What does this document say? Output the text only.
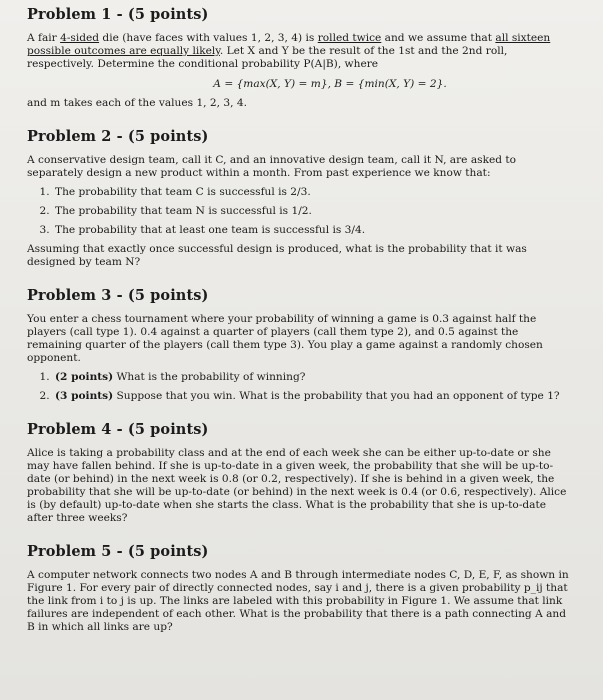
Problem 1 - (5 points)

A fair 4-sided die (have faces with values 1, 2, 3, 4) is rolled twice and we assume that all sixteen possible outcomes are equally likely. Let X and Y be the result of the 1st and the 2nd roll, respectively. Determine the conditional probability P(A|B), where

A = {max(X, Y) = m}, B = {min(X, Y) = 2}.

and m takes each of the values 1, 2, 3, 4.

Problem 2 - (5 points)

A conservative design team, call it C, and an innovative design team, call it N, are asked to separately design a new product within a month. From past experience we know that:

1. The probability that team C is successful is 2/3.
2. The probability that team N is successful is 1/2.
3. The probability that at least one team is successful is 3/4.

Assuming that exactly once successful design is produced, what is the probability that it was designed by team N?

Problem 3 - (5 points)

You enter a chess tournament where your probability of winning a game is 0.3 against half the players (call type 1). 0.4 against a quarter of players (call them type 2), and 0.5 against the remaining quarter of the players (call them type 3). You play a game against a randomly chosen opponent.

1. (2 points) What is the probability of winning?
2. (3 points) Suppose that you win. What is the probability that you had an opponent of type 1?
Problem 4 - (5 points)

Alice is taking a probability class and at the end of each week she can be either up-to-date or she may have fallen behind. If she is up-to-date in a given week, the probability that she will be up-to-date (or behind) in the next week is 0.8 (or 0.2, respectively). If she is behind in a given week, the probability that she will be up-to-date (or behind) in the next week is 0.4 (or 0.6, respectively). Alice is (by default) up-to-date when she starts the class. What is the probability that she is up-to-date after three weeks?

Problem 5 - (5 points)

A computer network connects two nodes A and B through intermediate nodes C, D, E, F, as shown in Figure 1. For every pair of directly connected nodes, say i and j, there is a given probability p_ij that the link from i to j is up. The links are labeled with this probability in Figure 1. We assume that link failures are independent of each other. What is the probability that there is a path connecting A and B in which all links are up?
